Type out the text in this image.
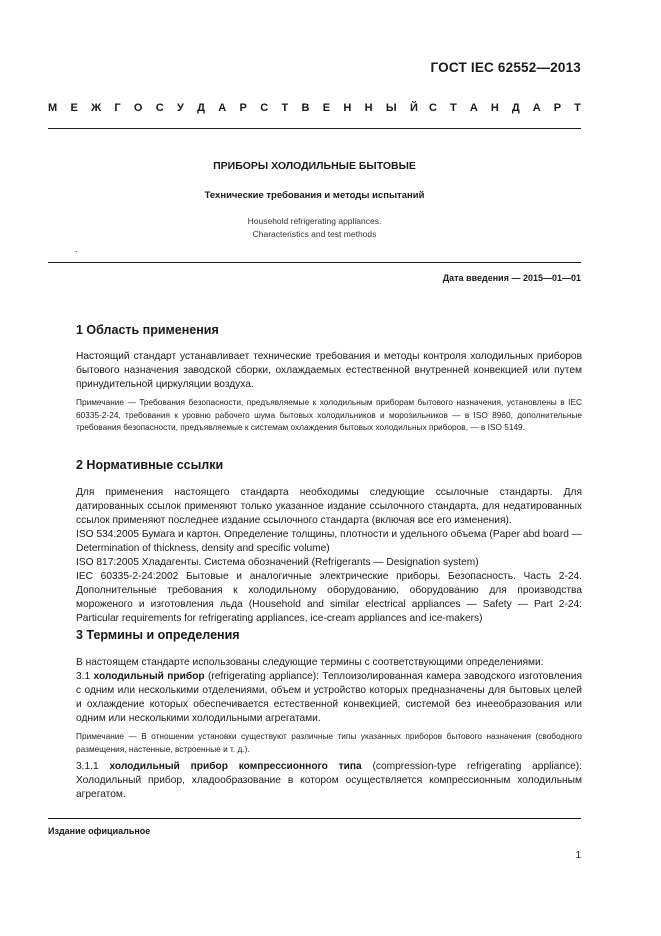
ГОСТ IEC 62552—2013
М Е Ж Г О С У Д А Р С Т В Е Н Н Ы Й С Т А Н Д А Р Т
ПРИБОРЫ ХОЛОДИЛЬНЫЕ БЫТОВЫЕ
Технические требования и методы испытаний
Household refrigerating appliances.
Characteristics and test methods
.
Дата введения — 2015—01—01
1 Область применения

Настоящий стандарт устанавливает технические требования и методы контроля холодильных приборов бытового назначения заводской сборки, охлаждаемых естественной внутренней конвекцией или путем принудительной циркуляции воздуха.

Примечание — Требования безопасности, предъявляемые к холодильным приборам бытового назначения, установлены в IEC 60335-2-24, требования к уровню рабочего шума бытовых холодильников и морозильников — в ISO 8960, дополнительные требования безопасности, предъявляемые к системам охлаждения бытовых холодильных приборов, — в ISO 5149.
2 Нормативные ссылки

Для применения настоящего стандарта необходимы следующие ссылочные стандарты. Для датированных ссылок применяют только указанное издание ссылочного стандарта, для недатированных ссылок применяют последнее издание ссылочного стандарта (включая все его изменения).

ISO 534:2005 Бумага и картон. Определение толщины, плотности и удельного объема (Paper abd board — Determination of thickness, density and specific volume)

ISO 817:2005 Хладагенты. Система обозначений (Refrigerants — Designation system)

IEC 60335-2-24:2002 Бытовые и аналогичные электрические приборы. Безопасность. Часть 2-24. Дополнительные требования к холодильному оборудованию, оборудованию для производства мороженого и изготовления льда (Household and similar electrical appliances — Safety — Part 2-24: Particular requirements for refrigerating appliances, ice-cream appliances and ice-makers)

3 Термины и определения

В настоящем стандарте использованы следующие термины с соответствующими определениями:

3.1 холодильный прибор (refrigerating appliance): Теплоизолированная камера заводского изготовления с одним или несколькими отделениями, объем и устройство которых предназначены для бытовых целей и охлаждение которых обеспечивается естественной конвекцией, системой без инееобразования или одним или несколькими холодильными агрегатами.

Примечание — В отношении установки существуют различные типы указанных приборов бытового назначения (свободного размещения, настенные, встроенные и т. д.).

3.1.1 холодильный прибор компрессионного типа (compression-type refrigerating appliance): Холодильный прибор, хладообразование в котором осуществляется компрессионным холодильным агрегатом.

Издание официальное
1
